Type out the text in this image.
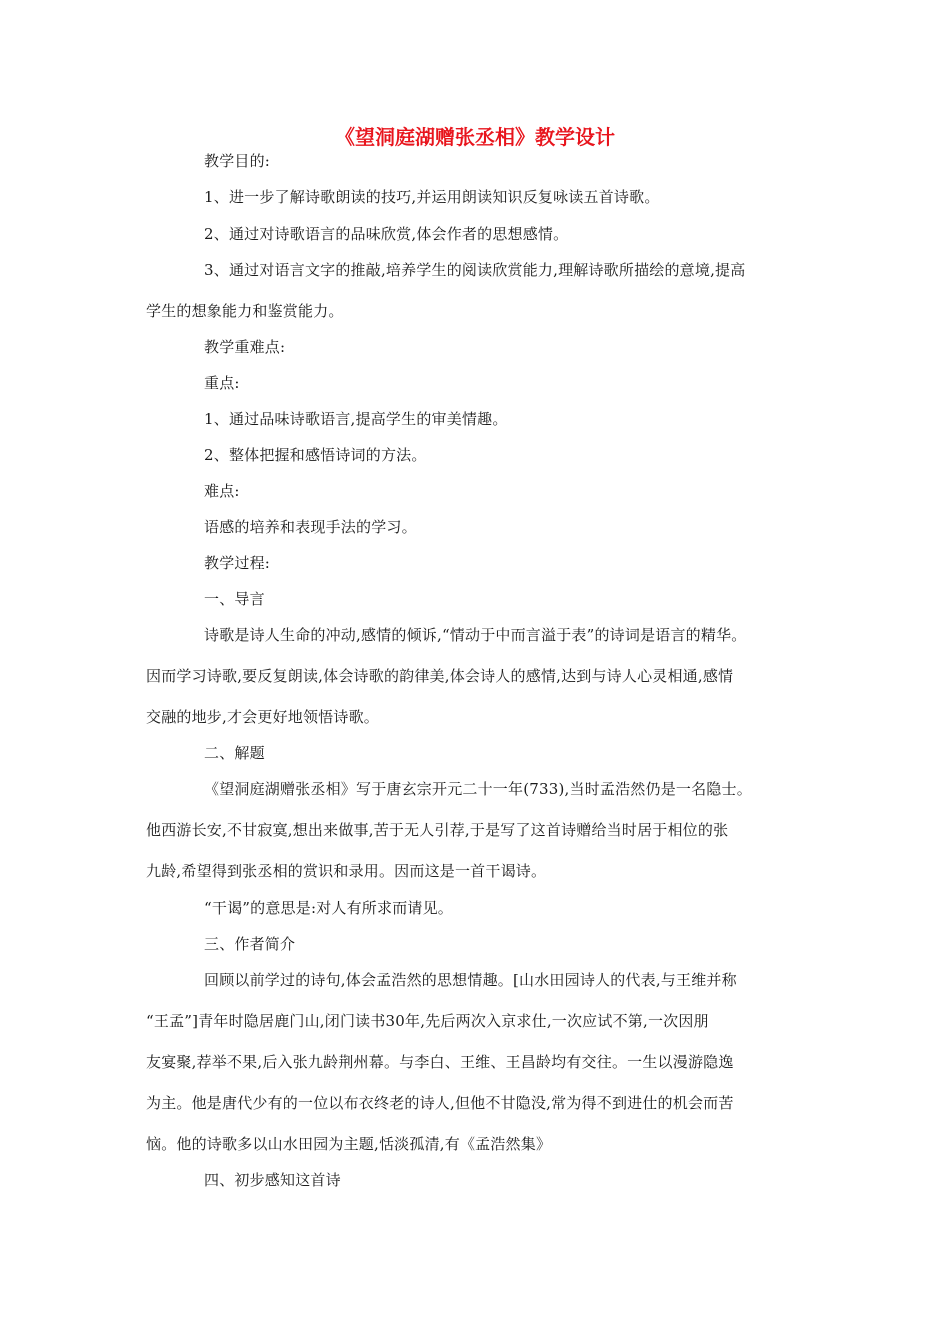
《望洞庭湖赠张丞相》教学设计
教学目的:
1、进一步了解诗歌朗读的技巧,并运用朗读知识反复咏读五首诗歌。
2、通过对诗歌语言的品味欣赏,体会作者的思想感情。
3、通过对语言文字的推敲,培养学生的阅读欣赏能力,理解诗歌所描绘的意境,提高
学生的想象能力和鉴赏能力。
教学重难点:
重点:
1、通过品味诗歌语言,提高学生的审美情趣。
2、整体把握和感悟诗词的方法。
难点:
语感的培养和表现手法的学习。
教学过程:
一、导言
诗歌是诗人生命的冲动,感情的倾诉,“情动于中而言溢于表”的诗词是语言的精华。
因而学习诗歌,要反复朗读,体会诗歌的韵律美,体会诗人的感情,达到与诗人心灵相通,感情
交融的地步,才会更好地领悟诗歌。
二、解题
《望洞庭湖赠张丞相》写于唐玄宗开元二十一年(733),当时孟浩然仍是一名隐士。
他西游长安,不甘寂寞,想出来做事,苦于无人引荐,于是写了这首诗赠给当时居于相位的张
九龄,希望得到张丞相的赏识和录用。因而这是一首干谒诗。
“干谒”的意思是:对人有所求而请见。
三、作者简介
回顾以前学过的诗句,体会孟浩然的思想情趣。[山水田园诗人的代表,与王维并称
“王孟”]青年时隐居鹿门山,闭门读书30年,先后两次入京求仕,一次应试不第,一次因朋
友宴聚,荐举不果,后入张九龄荆州幕。与李白、王维、王昌龄均有交往。一生以漫游隐逸
为主。他是唐代少有的一位以布衣终老的诗人,但他不甘隐没,常为得不到进仕的机会而苦
恼。他的诗歌多以山水田园为主题,恬淡孤清,有《孟浩然集》
四、初步感知这首诗
